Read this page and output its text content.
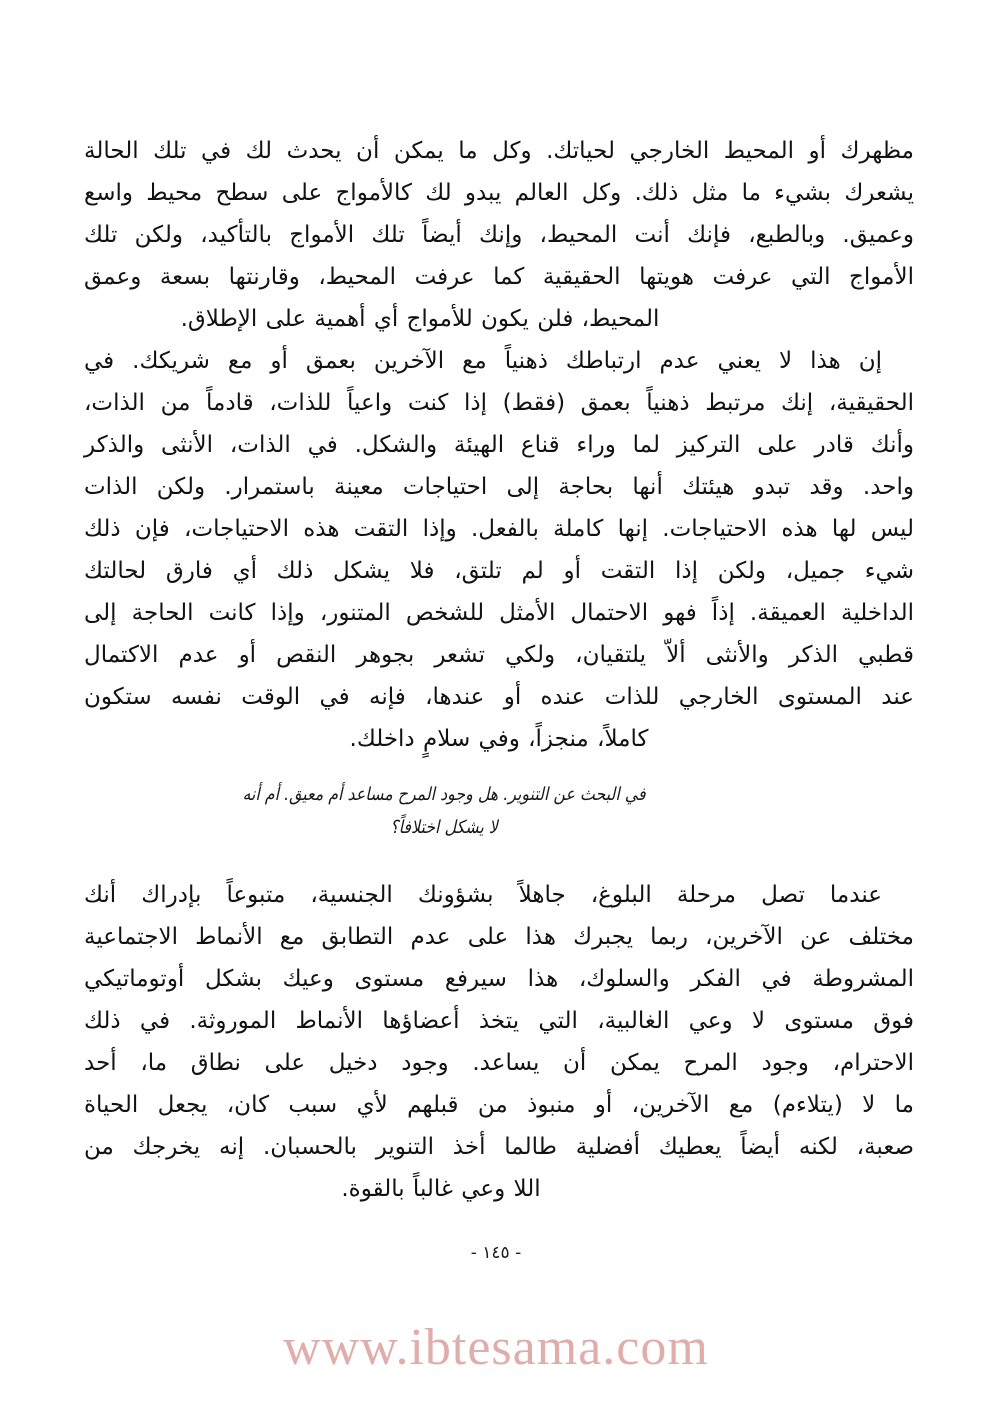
مظهرك أو المحيط الخارجي لحياتك. وكل ما يمكن أن يحدث لك في تلك الحالة
يشعرك بشيء ما مثل ذلك. وكل العالم يبدو لك كالأمواج على سطح محيط واسع
وعميق. وبالطبع، فإنك أنت المحيط، وإنك أيضاً تلك الأمواج بالتأكيد، ولكن تلك
الأمواج التي عرفت هويتها الحقيقية كما عرفت المحيط، وقارنتها بسعة وعمق
المحيط، فلن يكون للأمواج أي أهمية على الإطلاق.
إن هذا لا يعني عدم ارتباطك ذهنياً مع الآخرين بعمق أو مع شريكك. في
الحقيقية، إنك مرتبط ذهنياً بعمق (فقط) إذا كنت واعياً للذات، قادماً من الذات،
وأنك قادر على التركيز لما وراء قناع الهيئة والشكل. في الذات، الأنثى والذكر
واحد. وقد تبدو هيئتك أنها بحاجة إلى احتياجات معينة باستمرار. ولكن الذات
ليس لها هذه الاحتياجات. إنها كاملة بالفعل. وإذا التقت هذه الاحتياجات، فإن ذلك
شيء جميل، ولكن إذا التقت أو لم تلتق، فلا يشكل ذلك أي فارق لحالتك
الداخلية العميقة. إذاً فهو الاحتمال الأمثل للشخص المتنور، وإذا كانت الحاجة إلى
قطبي الذكر والأنثى ألاّ يلتقيان، ولكي تشعر بجوهر النقص أو عدم الاكتمال
عند المستوى الخارجي للذات عنده أو عندها، فإنه في الوقت نفسه ستكون
كاملاً، منجزاً، وفي سلامٍ داخلك.
في البحث عن التنوير. هل وجود المرح مساعد أم معيق. أم أنه
لا يشكل اختلافاً؟
عندما تصل مرحلة البلوغ، جاهلاً بشؤونك الجنسية، متبوعاً بإدراك أنك
مختلف عن الآخرين، ربما يجبرك هذا على عدم التطابق مع الأنماط الاجتماعية
المشروطة في الفكر والسلوك، هذا سيرفع مستوى وعيك بشكل أوتوماتيكي
فوق مستوى لا وعي الغالبية، التي يتخذ أعضاؤها الأنماط الموروثة. في ذلك
الاحترام، وجود المرح يمكن أن يساعد. وجود دخيل على نطاق ما، أحد
ما لا (يتلاءم) مع الآخرين، أو منبوذ من قبلهم لأي سبب كان، يجعل الحياة
صعبة، لكنه أيضاً يعطيك أفضلية طالما أخذ التنوير بالحسبان. إنه يخرجك من
اللا وعي غالباً بالقوة.
- ١٤٥ -
www.ibtesama.com
